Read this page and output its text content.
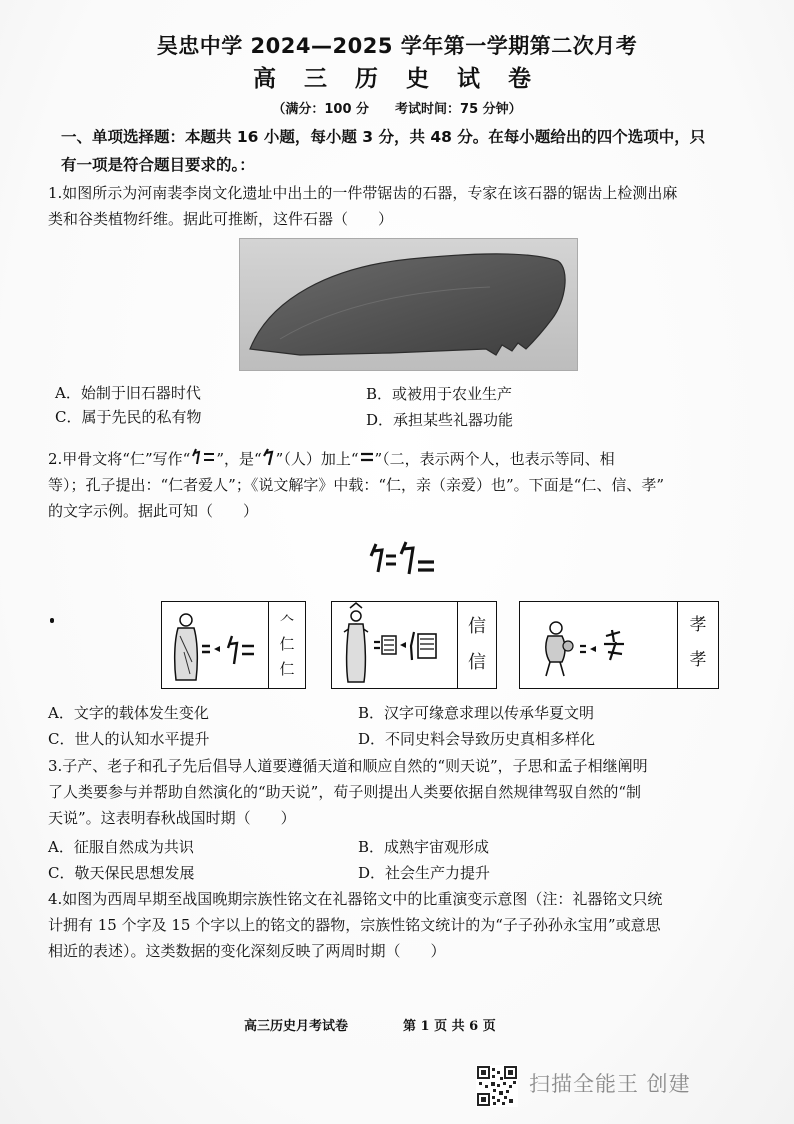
吴忠中学 2024—2025 学年第一学期第二次月考
高 三 历 史 试 卷
（满分：100 分　　考试时间：75 分钟）
一、单项选择题：本题共 16 小题，每小题 3 分，共 48 分。在每小题给出的四个选项中，只
有一项是符合题目要求的。：
1.如图所示为河南裴李岗文化遗址中出土的一件带锯齿的石器，专家在该石器的锯齿上检测出麻
类和谷类植物纤维。据此可推断，这件石器（　　）
A．始制于旧石器时代	B．或被用于农业生产
C．属于先民的私有物	D．承担某些礼器功能
2.甲骨文将“仁”写作“ ”，是“ ”（人）加上“ ”（二，表示两个人，也表示等同、相
等）；孔子提出：“仁者爱人”；《说文解字》中载：“仁，亲（亲爱）也”。下面是“仁、信、孝”
的文字示例。据此可知（　　）
𠆢
仁
仁
信
信
孝
孝
A．文字的载体发生变化	B．汉字可缘意求理以传承华夏文明
C．世人的认知水平提升	D．不同史料会导致历史真相多样化
3.子产、老子和孔子先后倡导人道要遵循天道和顺应自然的“则天说”，子思和孟子相继阐明
了人类要参与并帮助自然演化的“助天说”，荀子则提出人类要依据自然规律驾驭自然的“制
天说”。这表明春秋战国时期（　　）
A．征服自然成为共识	B．成熟宇宙观形成
C．敬天保民思想发展	D．社会生产力提升
4.如图为西周早期至战国晚期宗族性铭文在礼器铭文中的比重演变示意图（注：礼器铭文只统
计拥有 15 个字及 15 个字以上的铭文的器物，宗族性铭文统计的为“子子孙孙永宝用”或意思
相近的表述）。这类数据的变化深刻反映了两周时期（　　）
高三历史月考试卷	第 1 页 共 6 页
扫描全能王 创建
